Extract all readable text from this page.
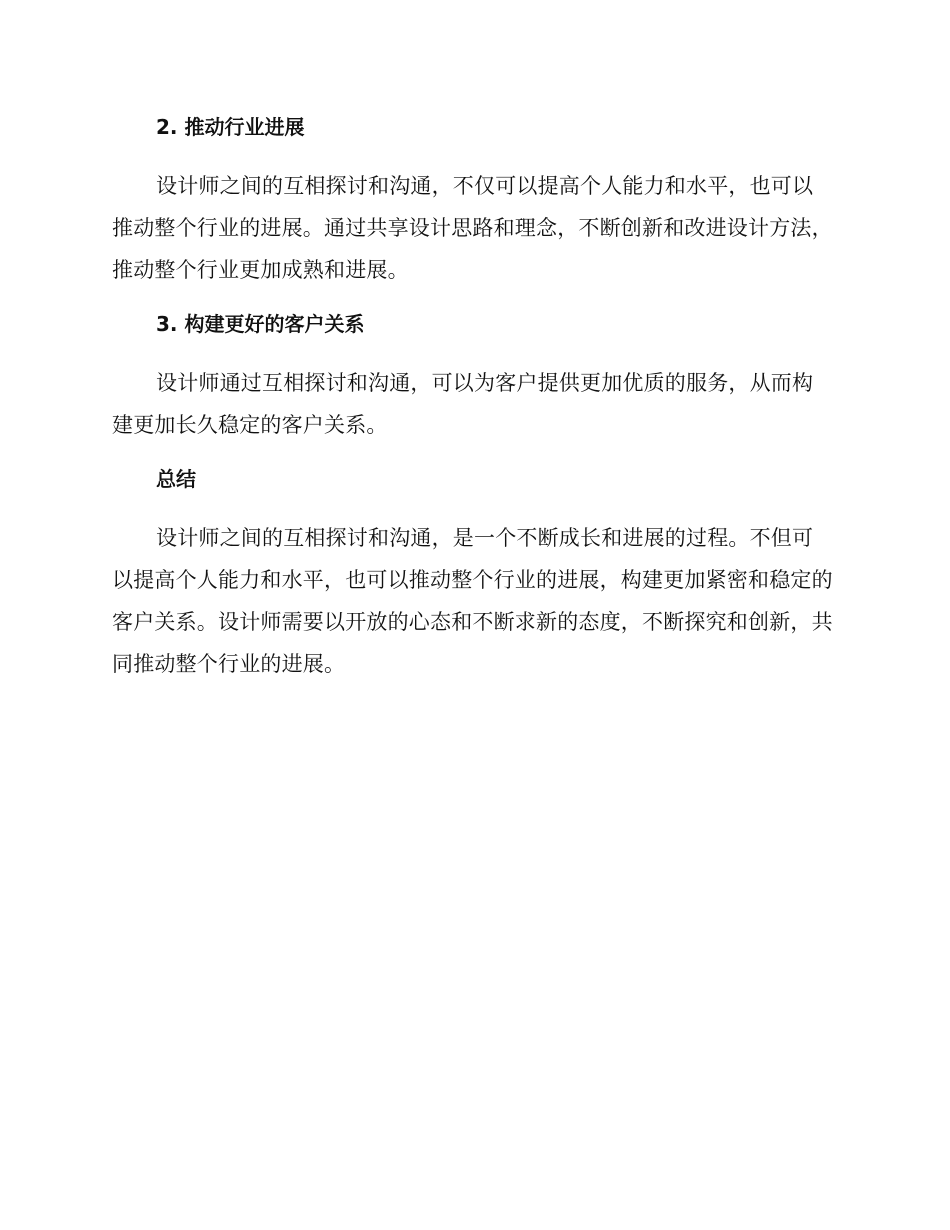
2. 推动行业进展

设计师之间的互相探讨和沟通，不仅可以提高个人能力和水平，也可以推动整个行业的进展。通过共享设计思路和理念，不断创新和改进设计方法，推动整个行业更加成熟和进展。

3. 构建更好的客户关系

设计师通过互相探讨和沟通，可以为客户提供更加优质的服务，从而构建更加长久稳定的客户关系。

总结

设计师之间的互相探讨和沟通，是一个不断成长和进展的过程。不但可以提高个人能力和水平，也可以推动整个行业的进展，构建更加紧密和稳定的客户关系。设计师需要以开放的心态和不断求新的态度，不断探究和创新，共同推动整个行业的进展。
